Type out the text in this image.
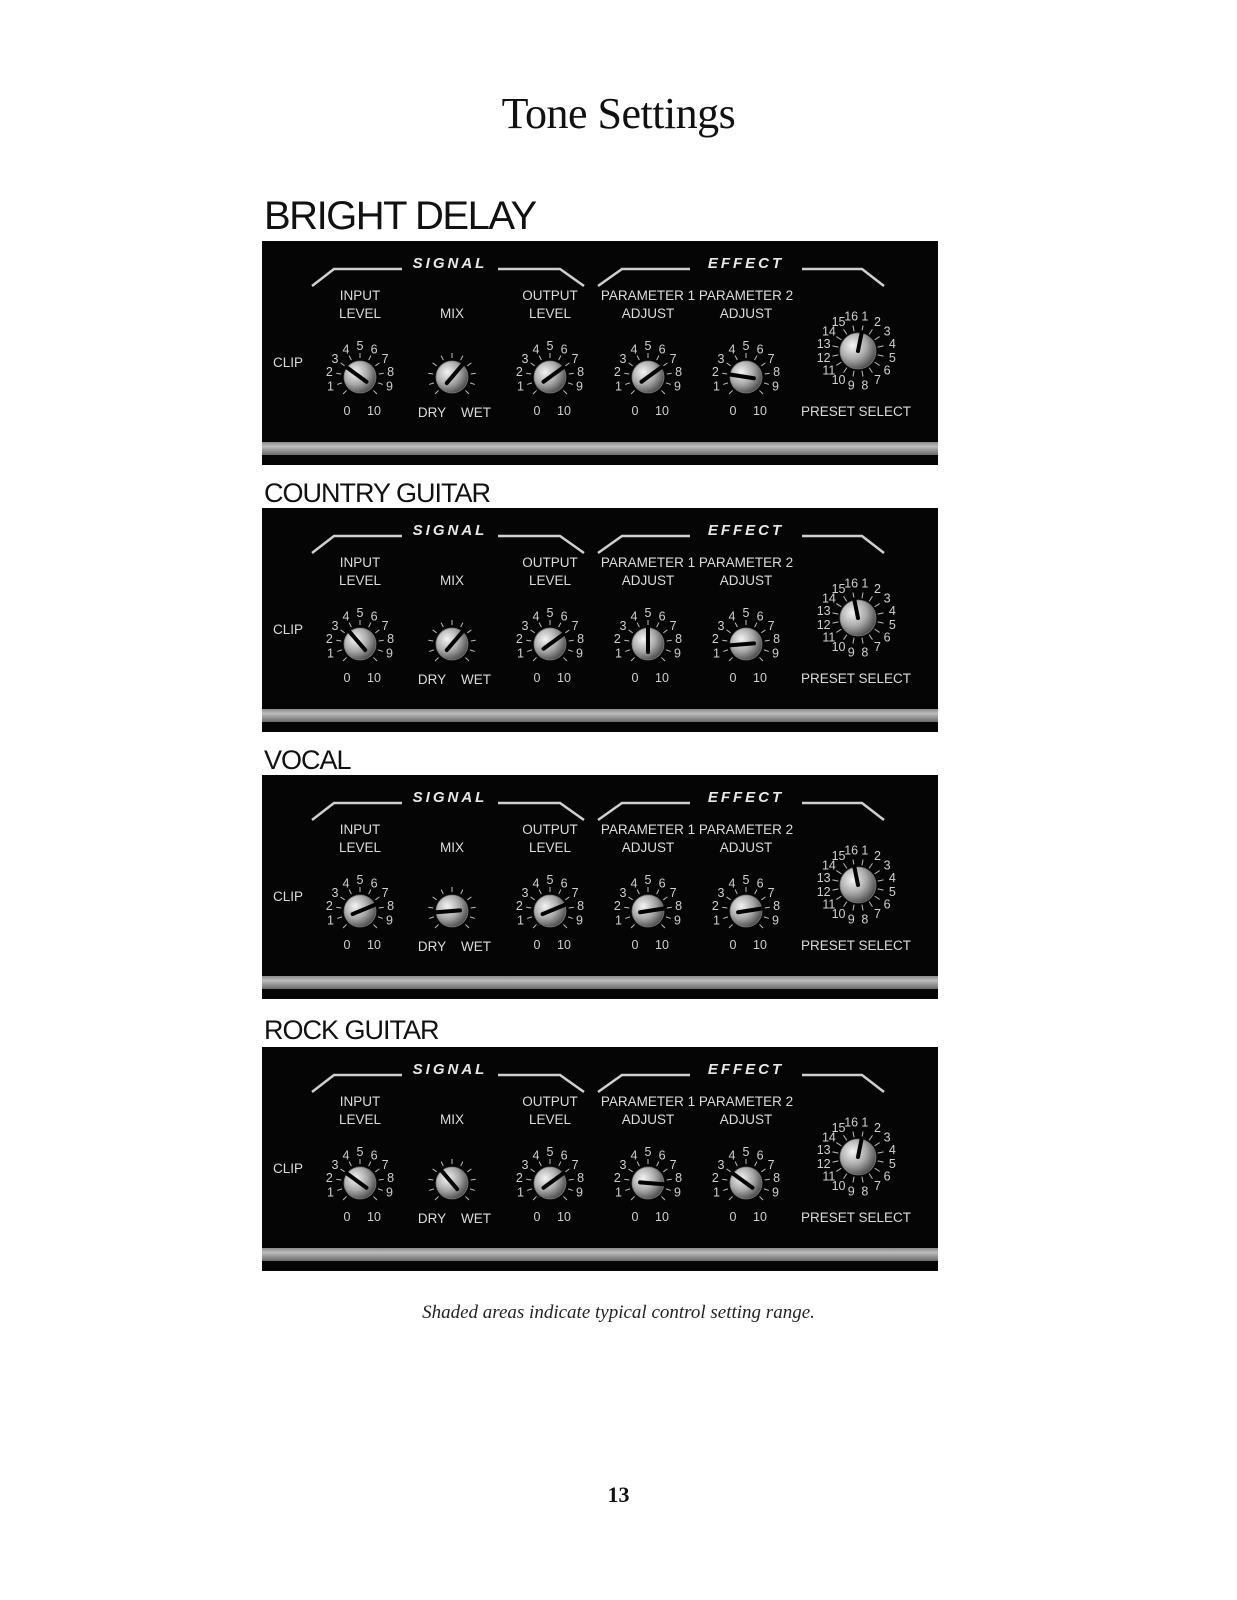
Tone Settings
BRIGHT DELAY
SIGNAL	EFFECT
INPUT
LEVEL	MIX
OUTPUT
LEVEL
PARAMETER 1
ADJUST
PARAMETER 2
ADJUST
PRESET SELECT
CLIP
0
1
2
3
4 5 6
7
8
9
10	DRY WET	0
1
2
3
4 5 6
7
8
9
10	0
1
2
3
4 5 6
7
8
9
10	0
1
2
3
4 5 6
7
8
9
10
1 2
3
4
5
6
7
8
9
10
11
12
13
14
15
16
COUNTRY GUITAR
SIGNAL	EFFECT
INPUT
LEVEL	MIX
OUTPUT
LEVEL
PARAMETER 1
ADJUST
PARAMETER 2
ADJUST
PRESET SELECT
CLIP
0
1
2
3
4 5 6
7
8
9
10	DRY WET	0
1
2
3
4 5 6
7
8
9
10	0
1
2
3
4 5 6
7
8
9
10	0
1
2
3
4 5 6
7
8
9
10
1 2
3
4
5
6
7
8
9
10
11
12
13
14
15
16
VOCAL
SIGNAL	EFFECT
INPUT
LEVEL	MIX
OUTPUT
LEVEL
PARAMETER 1
ADJUST
PARAMETER 2
ADJUST
PRESET SELECT
CLIP
0
1
2
3
4 5 6
7
8
9
10	DRY WET	0
1
2
3
4 5 6
7
8
9
10	0
1
2
3
4 5 6
7
8
9
10	0
1
2
3
4 5 6
7
8
9
10
1 2
3
4
5
6
7
8
9
10
11
12
13
14
15
16
ROCK GUITAR
SIGNAL	EFFECT
INPUT
LEVEL	MIX
OUTPUT
LEVEL
PARAMETER 1
ADJUST
PARAMETER 2
ADJUST
PRESET SELECT
CLIP
0
1
2
3
4 5 6
7
8
9
10	DRY WET	0
1
2
3
4 5 6
7
8
9
10	0
1
2
3
4 5 6
7
8
9
10	0
1
2
3
4 5 6
7
8
9
10
1 2
3
4
5
6
7
8
9
10
11
12
13
14
15
16
Shaded areas indicate typical control setting range.
13
